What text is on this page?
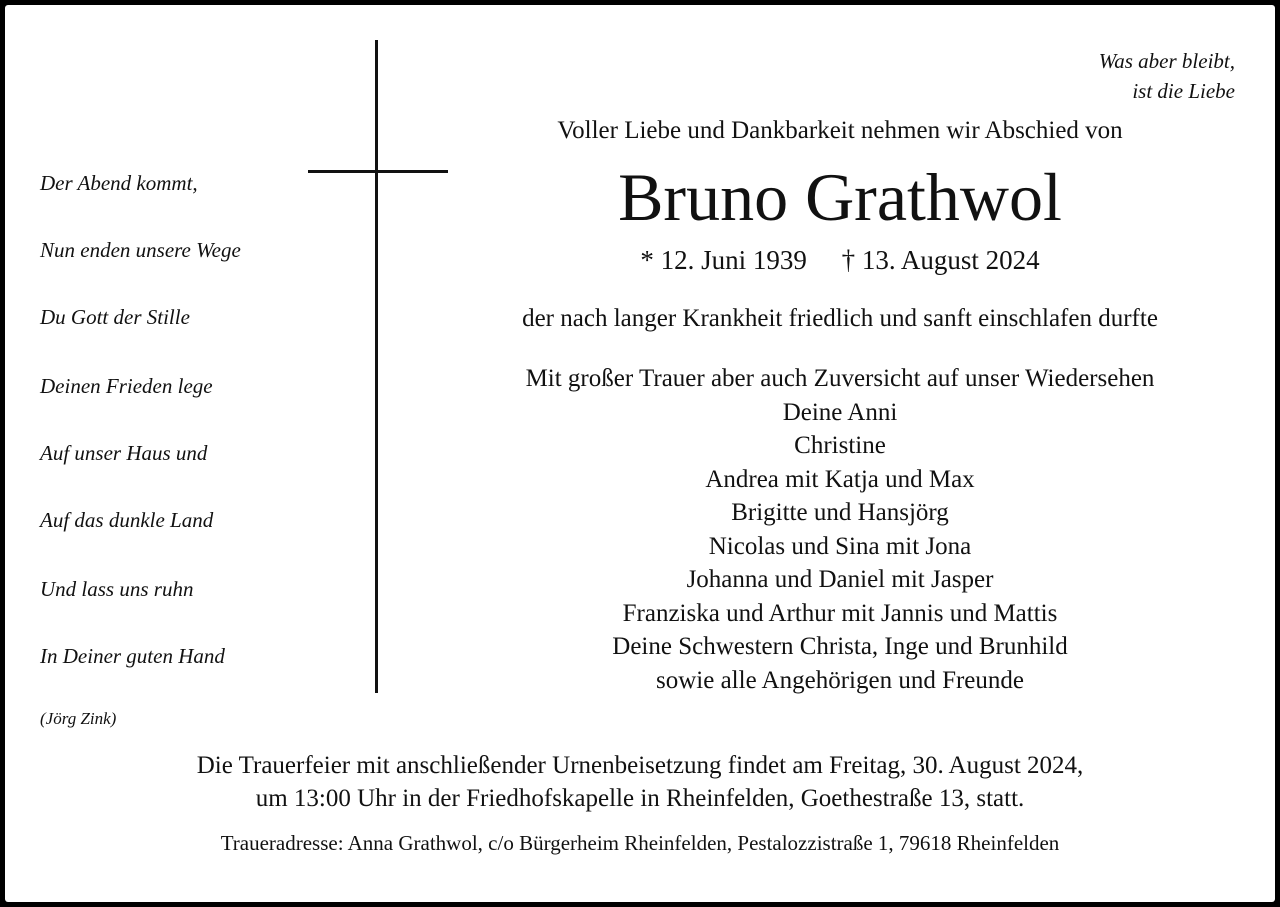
Was aber bleibt,
ist die Liebe
Der Abend kommt,
Nun enden unsere Wege
Du Gott der Stille
Deinen Frieden lege
Auf unser Haus und
Auf das dunkle Land
Und lass uns ruhn
In Deiner guten Hand
(Jörg Zink)
Voller Liebe und Dankbarkeit nehmen wir Abschied von
Bruno Grathwol
* 12. Juni 1939 † 13. August 2024
der nach langer Krankheit friedlich und sanft einschlafen durfte
Mit großer Trauer aber auch Zuversicht auf unser Wiedersehen
Deine Anni
Christine
Andrea mit Katja und Max
Brigitte und Hansjörg
Nicolas und Sina mit Jona
Johanna und Daniel mit Jasper
Franziska und Arthur mit Jannis und Mattis
Deine Schwestern Christa, Inge und Brunhild
sowie alle Angehörigen und Freunde
Die Trauerfeier mit anschließender Urnenbeisetzung findet am Freitag, 30. August 2024,
um 13:00 Uhr in der Friedhofskapelle in Rheinfelden, Goethestraße 13, statt.
Traueradresse: Anna Grathwol, c/o Bürgerheim Rheinfelden, Pestalozzistraße 1, 79618 Rheinfelden
